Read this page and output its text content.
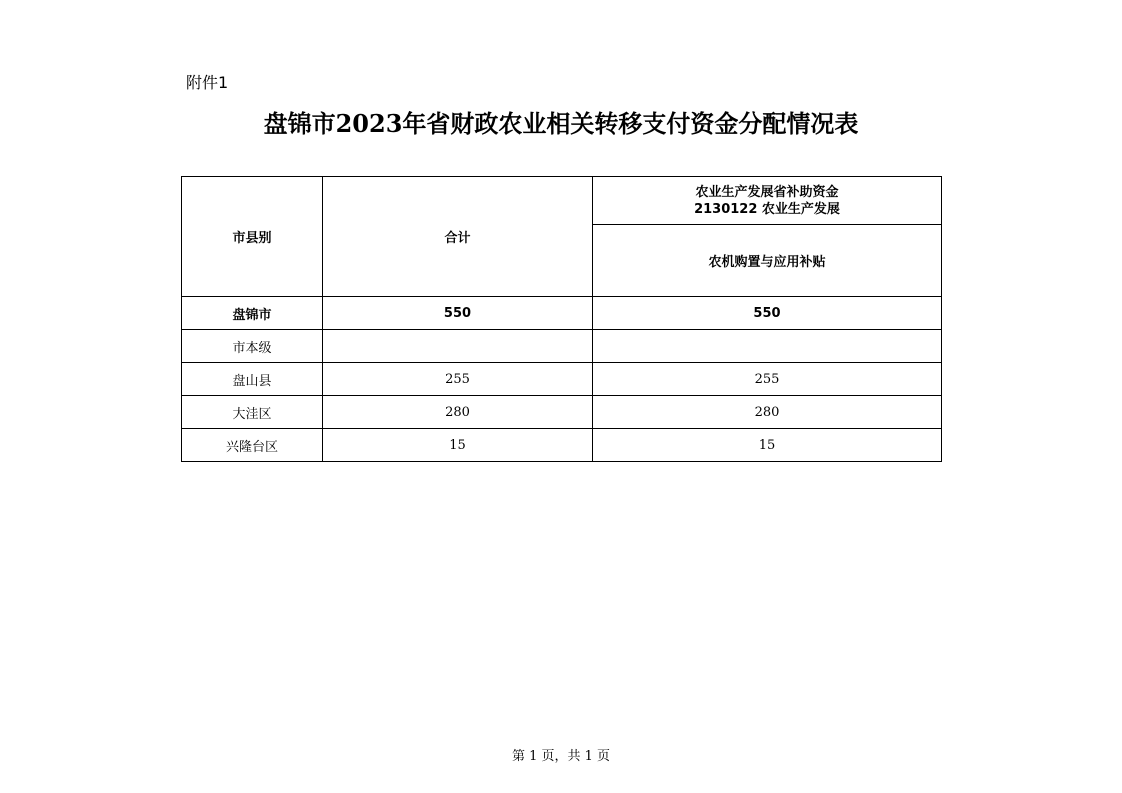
附件1
盘锦市2023年省财政农业相关转移支付资金分配情况表
市县别	合计	农业生产发展省补助资金
2130122 农业生产发展

		农机购置与应用补贴
盘锦市	550	550
市本级		
盘山县	255	255
大洼区	280	280
兴隆台区	15	15
第 1 页，共 1 页
